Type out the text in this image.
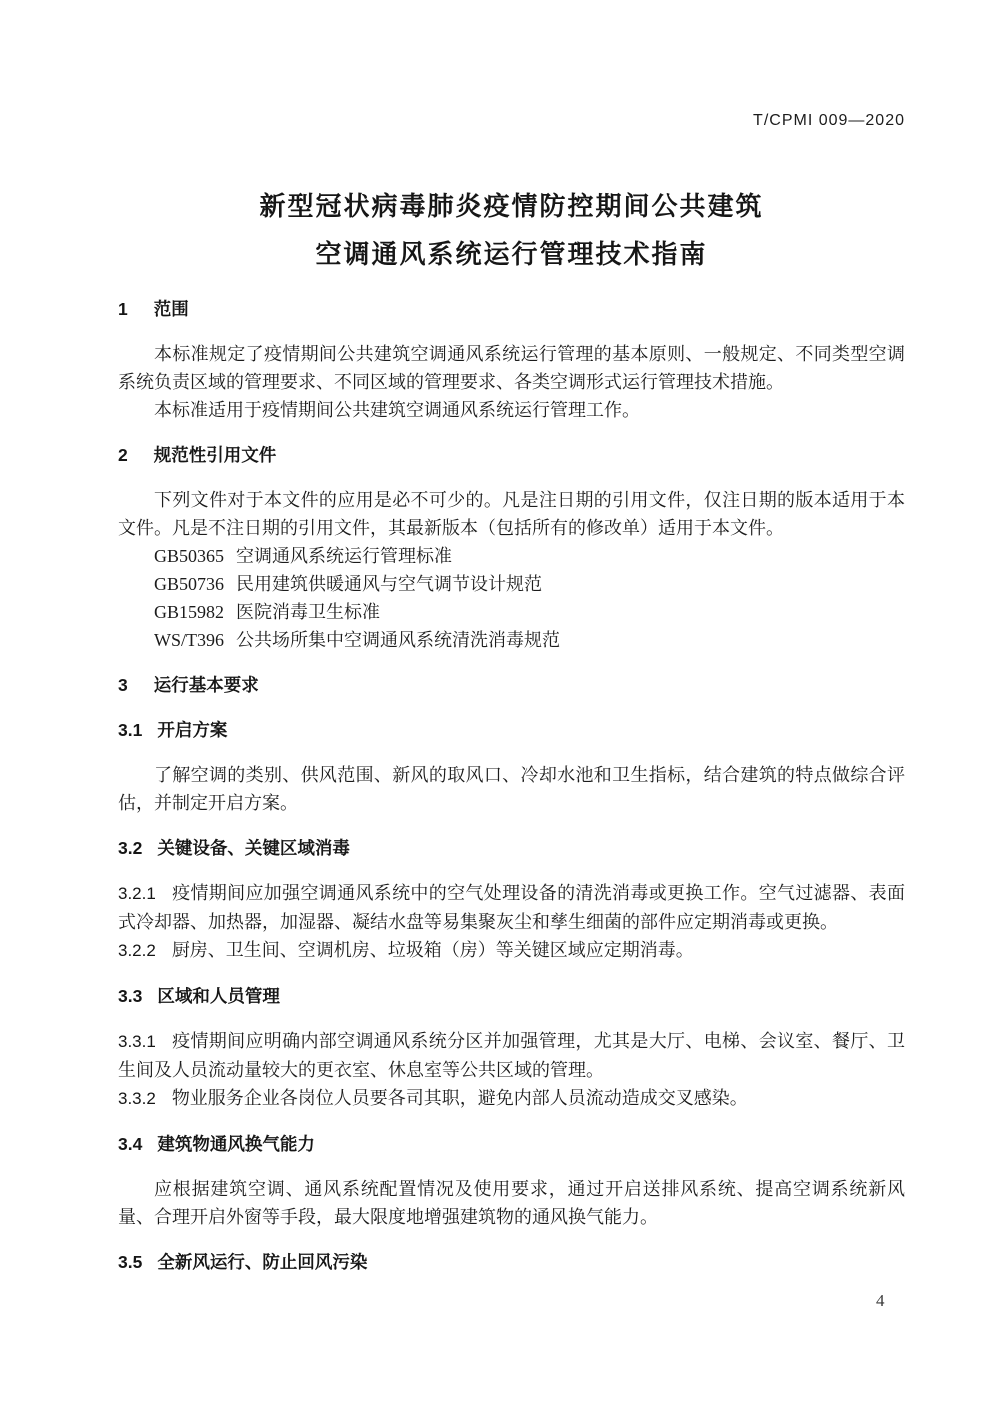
T/CPMI 009—2020
新型冠状病毒肺炎疫情防控期间公共建筑
空调通风系统运行管理技术指南
1 范围

本标准规定了疫情期间公共建筑空调通风系统运行管理的基本原则、一般规定、不同类型空调系统负责区域的管理要求、不同区域的管理要求、各类空调形式运行管理技术措施。

本标准适用于疫情期间公共建筑空调通风系统运行管理工作。

2 规范性引用文件

下列文件对于本文件的应用是必不可少的。凡是注日期的引用文件，仅注日期的版本适用于本文件。凡是不注日期的引用文件，其最新版本（包括所有的修改单）适用于本文件。

GB50365 空调通风系统运行管理标准

GB50736 民用建筑供暖通风与空气调节设计规范

GB15982 医院消毒卫生标准

WS/T396 公共场所集中空调通风系统清洗消毒规范

3 运行基本要求
3.1 开启方案

了解空调的类别、供风范围、新风的取风口、冷却水池和卫生指标，结合建筑的特点做综合评估，并制定开启方案。

3.2 关键设备、关键区域消毒

3.2.1 疫情期间应加强空调通风系统中的空气处理设备的清洗消毒或更换工作。空气过滤器、表面式冷却器、加热器，加湿器、凝结水盘等易集聚灰尘和孳生细菌的部件应定期消毒或更换。

3.2.2 厨房、卫生间、空调机房、垃圾箱（房）等关键区域应定期消毒。

3.3 区域和人员管理

3.3.1 疫情期间应明确内部空调通风系统分区并加强管理，尤其是大厅、电梯、会议室、餐厅、卫生间及人员流动量较大的更衣室、休息室等公共区域的管理。

3.3.2 物业服务企业各岗位人员要各司其职，避免内部人员流动造成交叉感染。

3.4 建筑物通风换气能力

应根据建筑空调、通风系统配置情况及使用要求，通过开启送排风系统、提高空调系统新风量、合理开启外窗等手段，最大限度地增强建筑物的通风换气能力。

3.5 全新风运行、防止回风污染
4
